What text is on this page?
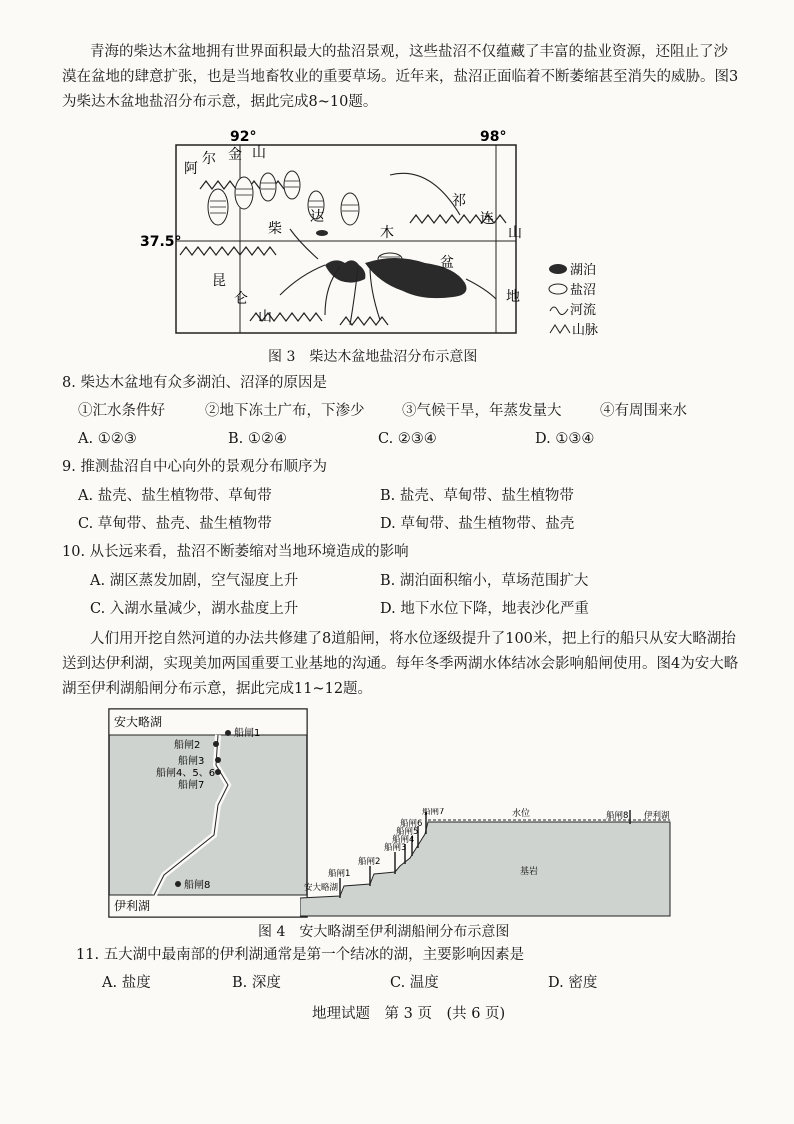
青海的柴达木盆地拥有世界面积最大的盐沼景观，这些盐沼不仅蕴藏了丰富的盐业资源，还阻止了沙漠在盆地的肆意扩张，也是当地畜牧业的重要草场。近年来，盐沼正面临着不断萎缩甚至消失的威胁。图3为柴达木盆地盐沼分布示意，据此完成8~10题。
92°	98°
37.5°
阿
尔 金 山
柴
达
木
盆
地
祁
连
山
昆
仑
山
湖泊
盐沼
河流
山脉
图 3　柴达木盆地盐沼分布示意图
8. 柴达木盆地有众多湖泊、沼泽的原因是
①汇水条件好	②地下冻土广布，下渗少	③气候干旱，年蒸发量大	④有周围来水
A. ①②③	B. ①②④	C. ②③④	D. ①③④
9. 推测盐沼自中心向外的景观分布顺序为
A. 盐壳、盐生植物带、草甸带	B. 盐壳、草甸带、盐生植物带
C. 草甸带、盐壳、盐生植物带	D. 草甸带、盐生植物带、盐壳
10. 从长远来看，盐沼不断萎缩对当地环境造成的影响
A. 湖区蒸发加剧，空气湿度上升	B. 湖泊面积缩小，草场范围扩大
C. 入湖水量减少，湖水盐度上升	D. 地下水位下降，地表沙化严重
人们用开挖自然河道的办法共修建了8道船闸，将水位逐级提升了100米，把上行的船只从安大略湖抬送到达伊利湖，实现美加两国重要工业基地的沟通。每年冬季两湖水体结冰会影响船闸使用。图4为安大略湖至伊利湖船闸分布示意，据此完成11~12题。
安大略湖
伊利湖
船闸1
船闸2
船闸3
船闸4、5、6
船闸7
船闸8	安大略湖
船闸1
船闸2
船闸3
船闸4
船闸5
船闸6
船闸7	船闸8 伊利湖
水位
基岩
图 4　安大略湖至伊利湖船闸分布示意图
11. 五大湖中最南部的伊利湖通常是第一个结冰的湖，主要影响因素是
A. 盐度	B. 深度	C. 温度	D. 密度
地理试题　第 3 页　(共 6 页)
